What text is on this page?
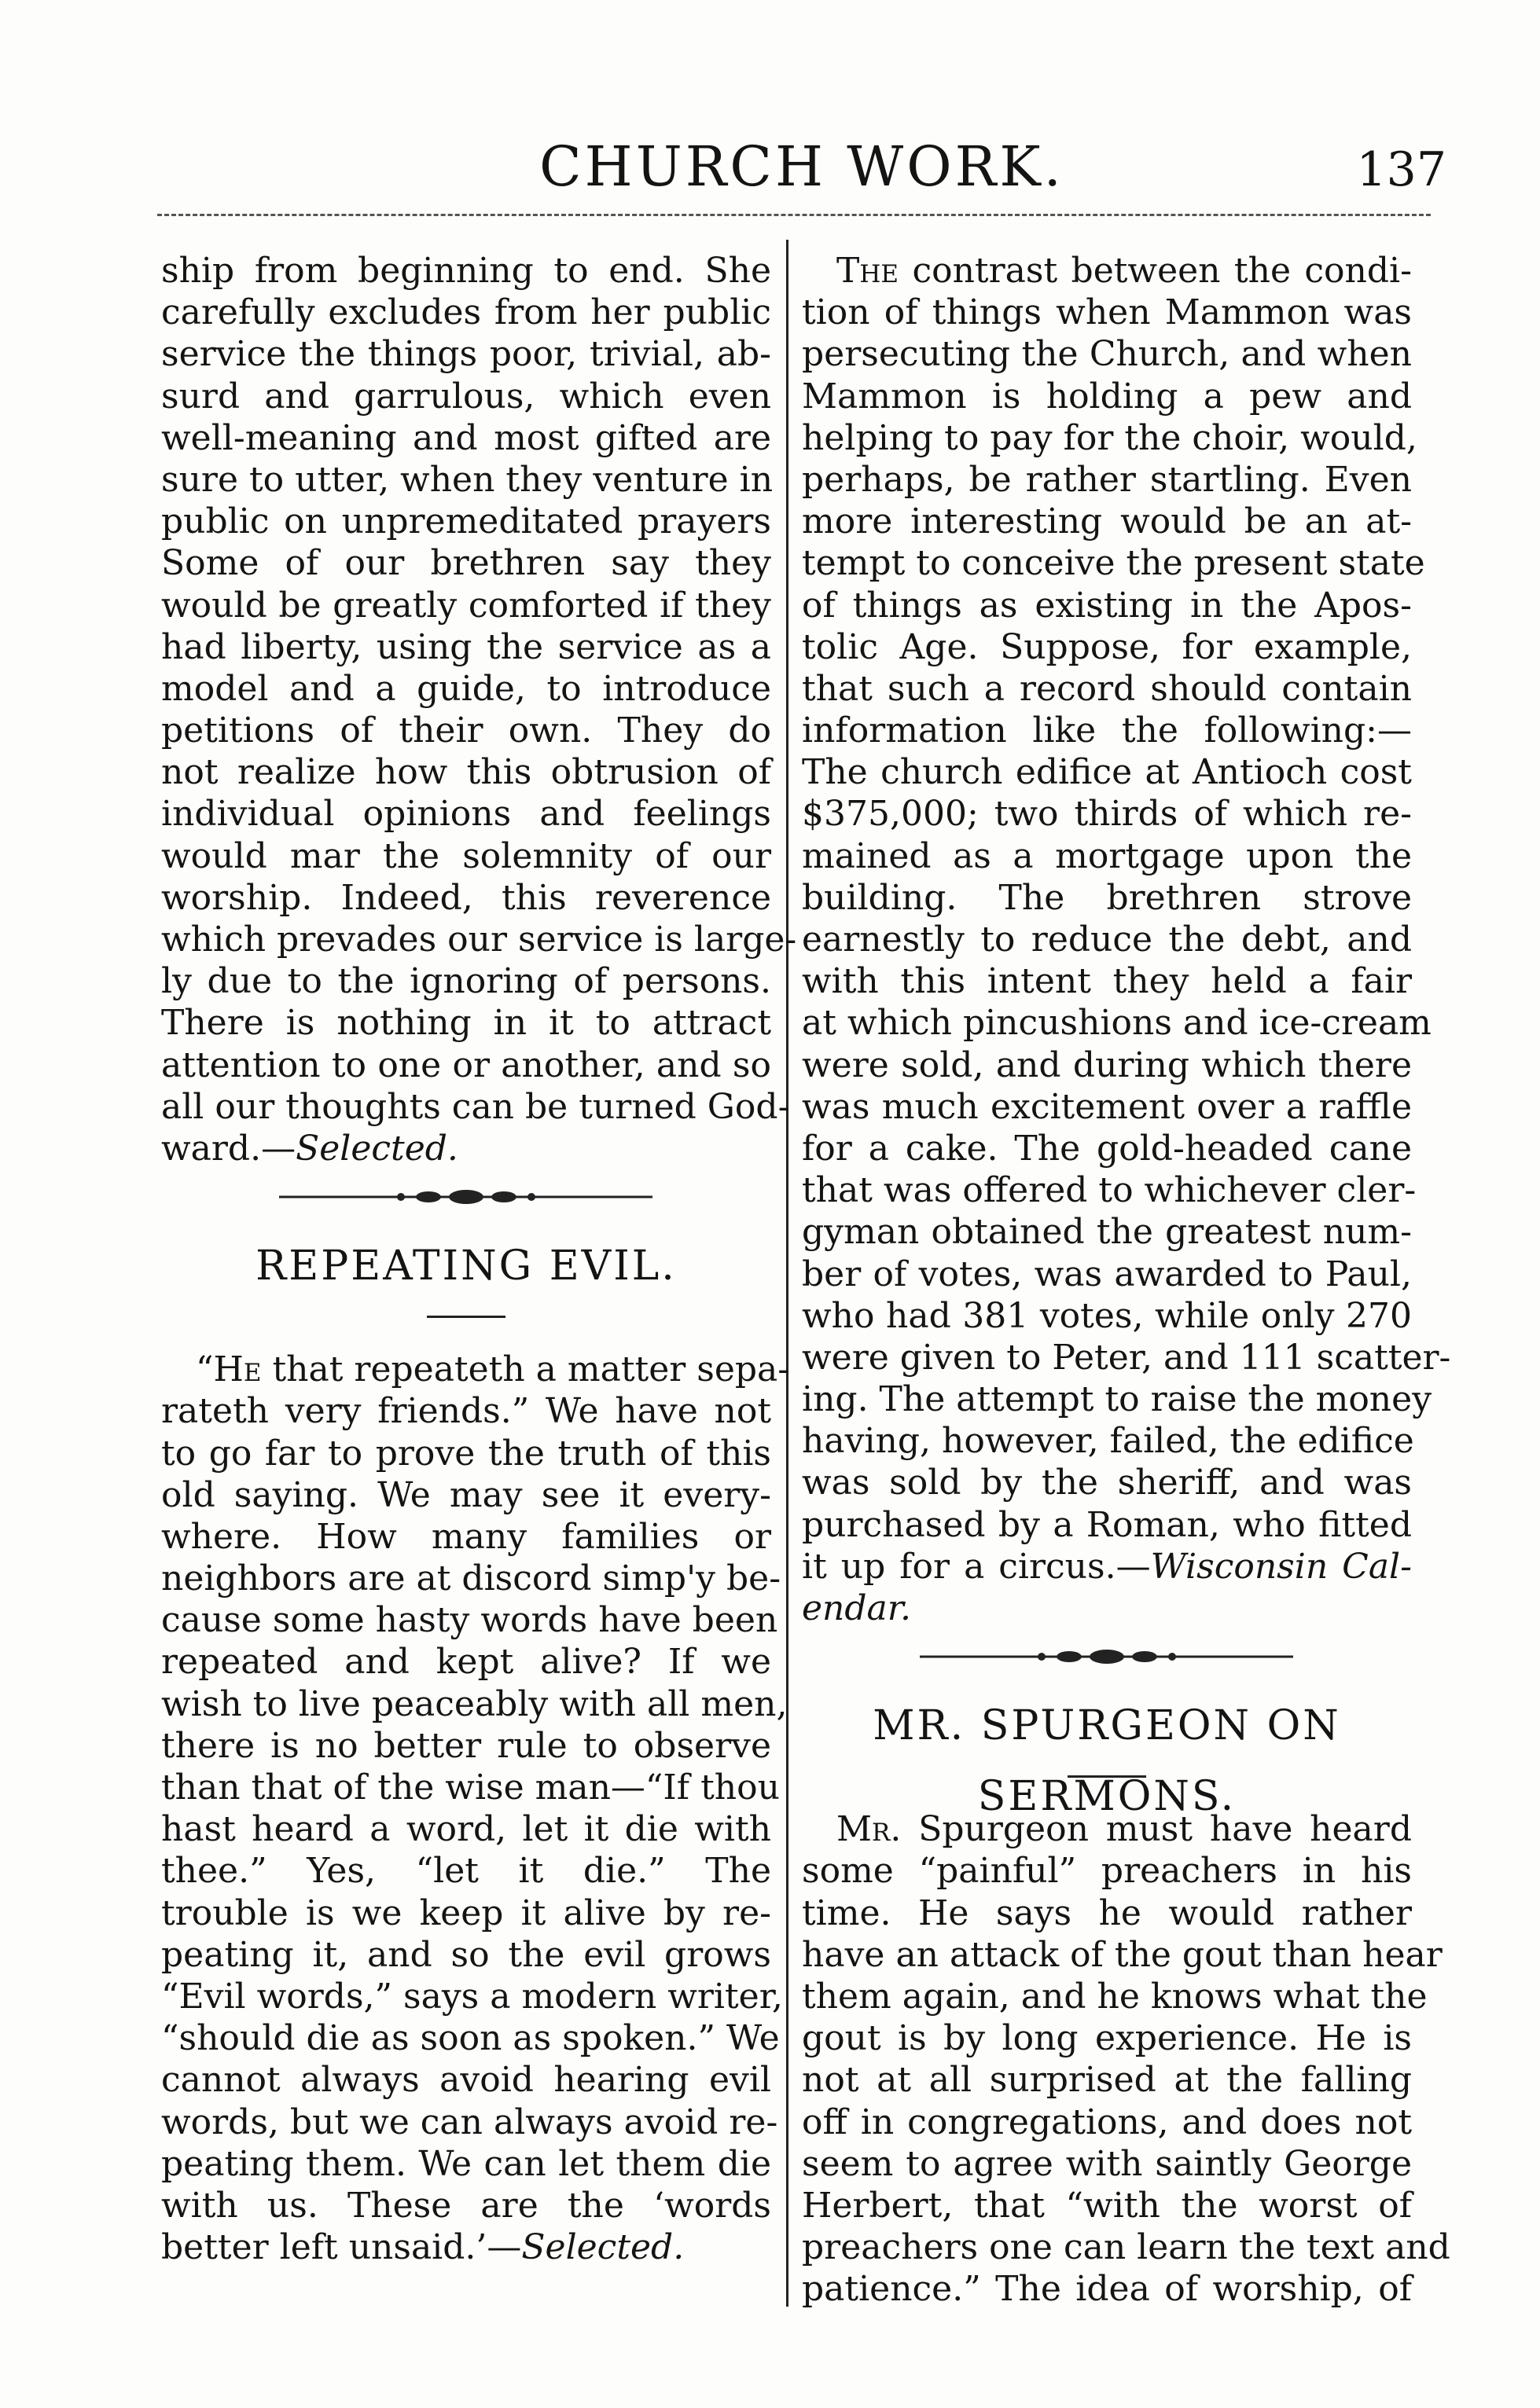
CHURCH WORK.	137
ship from beginning to end. She
carefully excludes from her public
service the things poor, trivial, ab-
surd and garrulous, which even
well-meaning and most gifted are
sure to utter, when they venture in
public on unpremeditated prayers
Some of our brethren say they
would be greatly comforted if they
had liberty, using the service as a
model and a guide, to introduce
petitions of their own. They do
not realize how this obtrusion of
individual opinions and feelings
would mar the solemnity of our
worship. Indeed, this reverence
which prevades our service is large-
ly due to the ignoring of persons.
There is nothing in it to attract
attention to one or another, and so
all our thoughts can be turned God-
ward.—Selected.
REPEATING EVIL.
“He that repeateth a matter sepa-
rateth very friends.” We have not
to go far to prove the truth of this
old saying. We may see it every-
where. How many families or
neighbors are at discord simp'y be-
cause some hasty words have been
repeated and kept alive? If we
wish to live peaceably with all men,
there is no better rule to observe
than that of the wise man—“If thou
hast heard a word, let it die with
thee.” Yes, “let it die.” The
trouble is we keep it alive by re-
peating it, and so the evil grows
“Evil words,” says a modern writer,
“should die as soon as spoken.” We
cannot always avoid hearing evil
words, but we can always avoid re-
peating them. We can let them die
with us. These are the ‘words
better left unsaid.’—Selected.
The contrast between the condi-
tion of things when Mammon was
persecuting the Church, and when
Mammon is holding a pew and
helping to pay for the choir, would,
perhaps, be rather startling. Even
more interesting would be an at-
tempt to conceive the present state
of things as existing in the Apos-
tolic Age. Suppose, for example,
that such a record should contain
information like the following:—
The church edifice at Antioch cost
$375,000; two thirds of which re-
mained as a mortgage upon the
building. The brethren strove
earnestly to reduce the debt, and
with this intent they held a fair
at which pincushions and ice-cream
were sold, and during which there
was much excitement over a raffle
for a cake. The gold-headed cane
that was offered to whichever cler-
gyman obtained the greatest num-
ber of votes, was awarded to Paul,
who had 381 votes, while only 270
were given to Peter, and 111 scatter-
ing. The attempt to raise the money
having, however, failed, the edifice
was sold by the sheriff, and was
purchased by a Roman, who fitted
it up for a circus.—Wisconsin Cal-
endar.
MR. SPURGEON ON SERMONS.
Mr. Spurgeon must have heard
some “painful” preachers in his
time. He says he would rather
have an attack of the gout than hear
them again, and he knows what the
gout is by long experience. He is
not at all surprised at the falling
off in congregations, and does not
seem to agree with saintly George
Herbert, that “with the worst of
preachers one can learn the text and
patience.” The idea of worship, of
